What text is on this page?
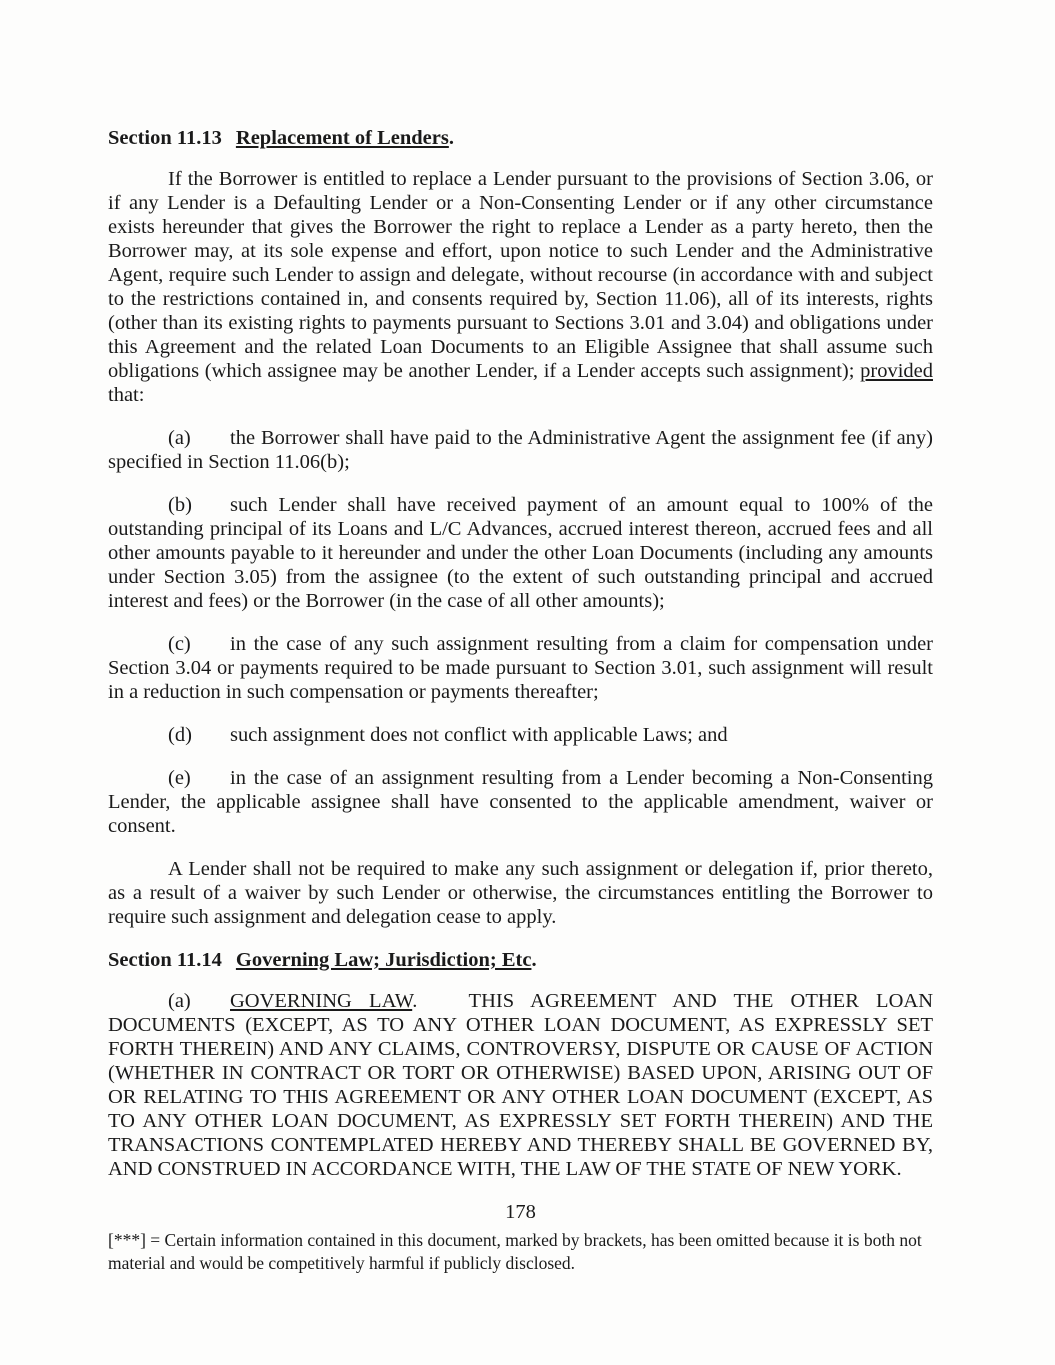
Section 11.13 Replacement of Lenders.

If the Borrower is entitled to replace a Lender pursuant to the provisions of Section 3.06, or if any Lender is a Defaulting Lender or a Non-Consenting Lender or if any other circumstance exists hereunder that gives the Borrower the right to replace a Lender as a party hereto, then the Borrower may, at its sole expense and effort, upon notice to such Lender and the Administrative Agent, require such Lender to assign and delegate, without recourse (in accordance with and subject to the restrictions contained in, and consents required by, Section 11.06), all of its interests, rights (other than its existing rights to payments pursuant to Sections 3.01 and 3.04) and obligations under this Agreement and the related Loan Documents to an Eligible Assignee that shall assume such obligations (which assignee may be another Lender, if a Lender accepts such assignment); provided that:

(a) the Borrower shall have paid to the Administrative Agent the assignment fee (if any) specified in Section 11.06(b);

(b) such Lender shall have received payment of an amount equal to 100% of the outstanding principal of its Loans and L/C Advances, accrued interest thereon, accrued fees and all other amounts payable to it hereunder and under the other Loan Documents (including any amounts under Section 3.05) from the assignee (to the extent of such outstanding principal and accrued interest and fees) or the Borrower (in the case of all other amounts);

(c) in the case of any such assignment resulting from a claim for compensation under Section 3.04 or payments required to be made pursuant to Section 3.01, such assignment will result in a reduction in such compensation or payments thereafter;

(d) such assignment does not conflict with applicable Laws; and

(e) in the case of an assignment resulting from a Lender becoming a Non-Consenting Lender, the applicable assignee shall have consented to the applicable amendment, waiver or consent.

A Lender shall not be required to make any such assignment or delegation if, prior thereto, as a result of a waiver by such Lender or otherwise, the circumstances entitling the Borrower to require such assignment and delegation cease to apply.

Section 11.14 Governing Law; Jurisdiction; Etc.

(a) GOVERNING LAW.   THIS AGREEMENT AND THE OTHER LOAN DOCUMENTS (EXCEPT, AS TO ANY OTHER LOAN DOCUMENT, AS EXPRESSLY SET FORTH THEREIN) AND ANY CLAIMS, CONTROVERSY, DISPUTE OR CAUSE OF ACTION (WHETHER IN CONTRACT OR TORT OR OTHERWISE) BASED UPON, ARISING OUT OF OR RELATING TO THIS AGREEMENT OR ANY OTHER LOAN DOCUMENT (EXCEPT, AS TO ANY OTHER LOAN DOCUMENT, AS EXPRESSLY SET FORTH THEREIN) AND THE TRANSACTIONS CONTEMPLATED HEREBY AND THEREBY SHALL BE GOVERNED BY, AND CONSTRUED IN ACCORDANCE WITH, THE LAW OF THE STATE OF NEW YORK.

178

[***] = Certain information contained in this document, marked by brackets, has been omitted because it is both not material and would be competitively harmful if publicly disclosed.
